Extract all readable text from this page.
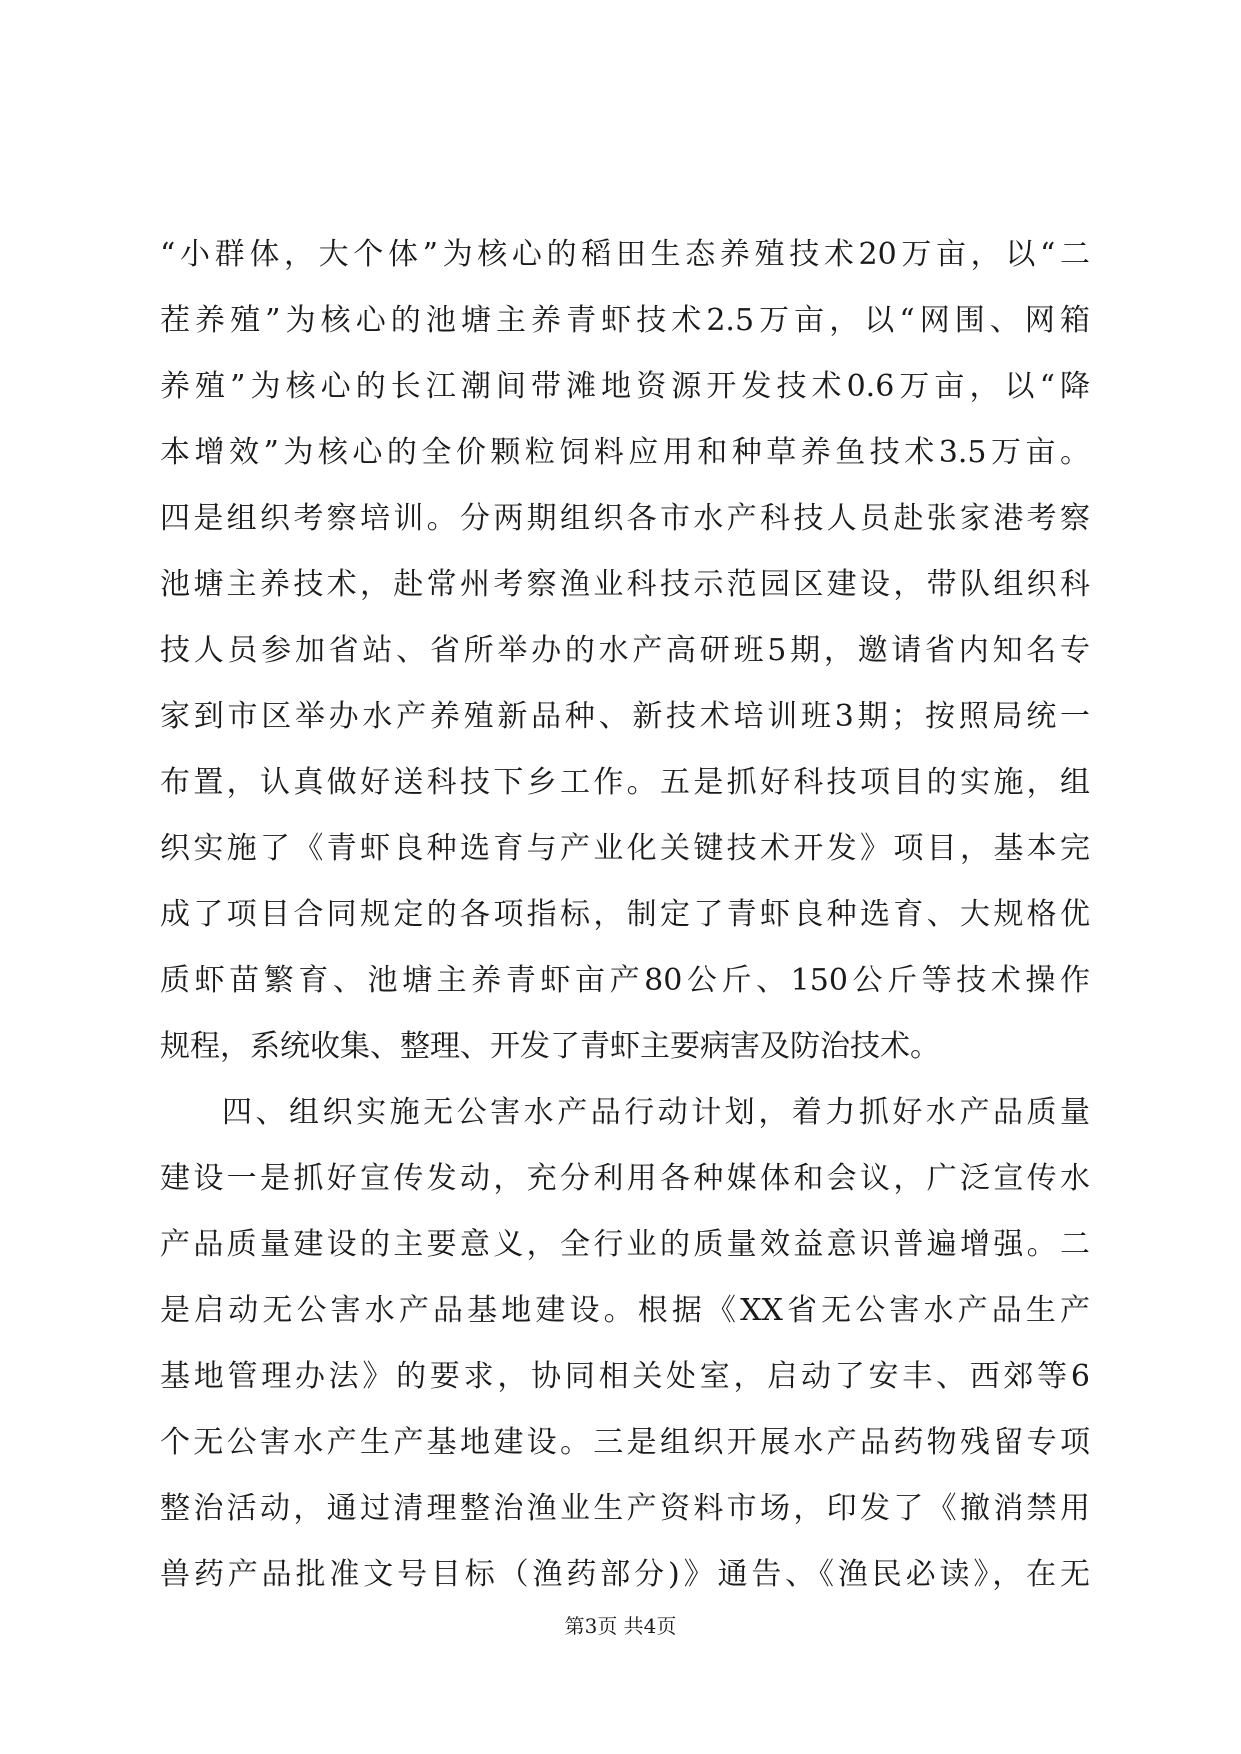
“小群体，大个体”为核心的稻田生态养殖技术20万亩，以“二
茬养殖”为核心的池塘主养青虾技术2.5万亩，以“网围、网箱
养殖”为核心的长江潮间带滩地资源开发技术0.6万亩，以“降
本增效”为核心的全价颗粒饲料应用和种草养鱼技术3.5万亩。
四是组织考察培训。分两期组织各市水产科技人员赴张家港考察
池塘主养技术，赴常州考察渔业科技示范园区建设，带队组织科
技人员参加省站、省所举办的水产高研班5期，邀请省内知名专
家到市区举办水产养殖新品种、新技术培训班3期；按照局统一
布置，认真做好送科技下乡工作。五是抓好科技项目的实施，组
织实施了《青虾良种选育与产业化关键技术开发》项目，基本完
成了项目合同规定的各项指标，制定了青虾良种选育、大规格优
质虾苗繁育、池塘主养青虾亩产80公斤、150公斤等技术操作
规程，系统收集、整理、开发了青虾主要病害及防治技术。
四、组织实施无公害水产品行动计划，着力抓好水产品质量
建设一是抓好宣传发动，充分利用各种媒体和会议，广泛宣传水
产品质量建设的主要意义，全行业的质量效益意识普遍增强。二
是启动无公害水产品基地建设。根据《XX省无公害水产品生产
基地管理办法》的要求，协同相关处室，启动了安丰、西郊等6
个无公害水产生产基地建设。三是组织开展水产品药物残留专项
整治活动，通过清理整治渔业生产资料市场，印发了《撤消禁用
兽药产品批准文号目标（渔药部分)》通告、《渔民必读》，在无
第3页 共4页
